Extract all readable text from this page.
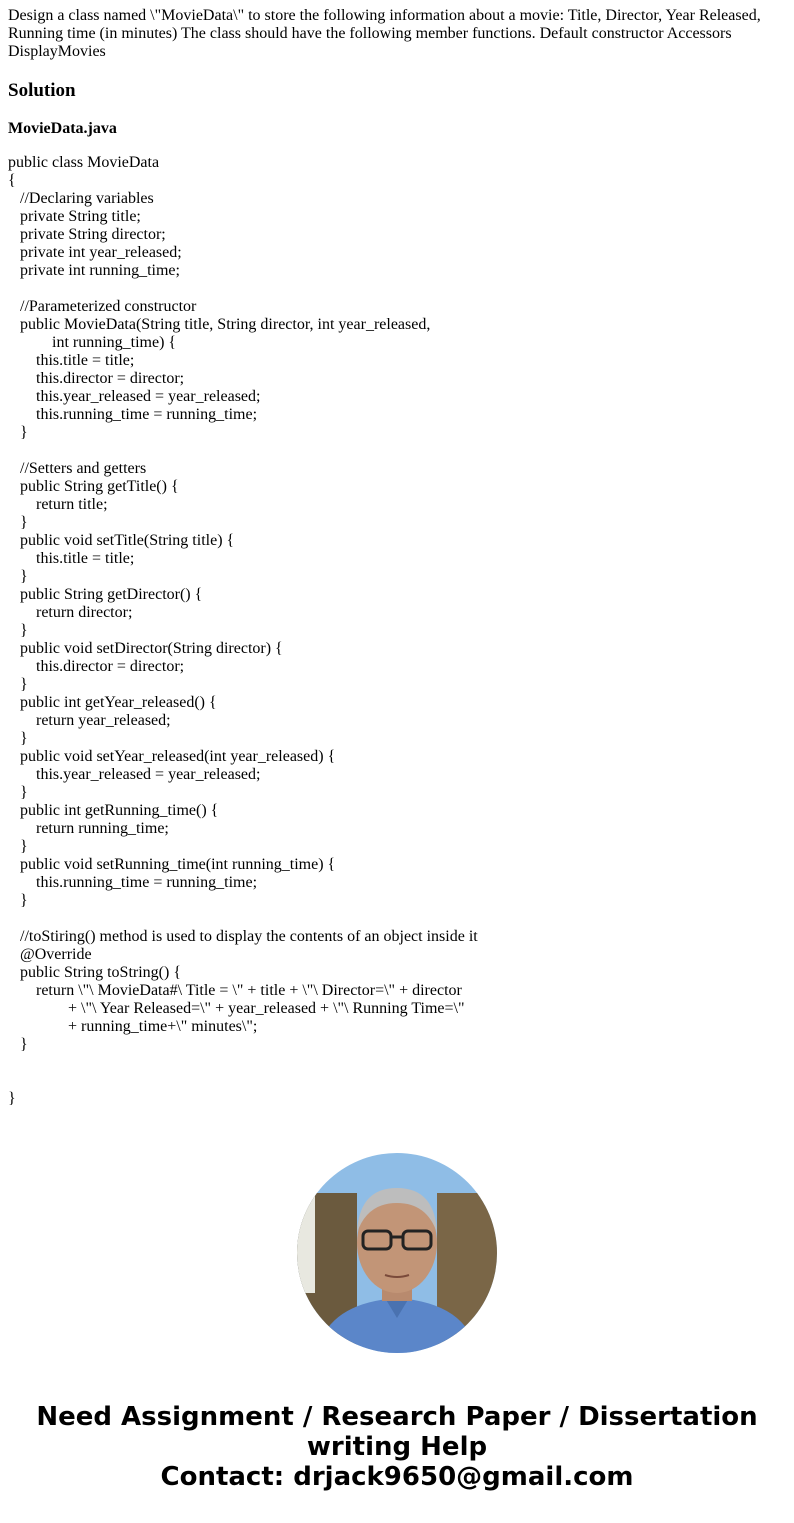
Design a class named \"MovieData\" to store the following information about a movie: Title, Director, Year Released, Running time (in minutes) The class should have the following member functions. Default constructor Accessors DisplayMovies
Solution
MovieData.java
public class MovieData
{
//Declaring variables
private String title;
private String director;
private int year_released;
private int running_time;

//Parameterized constructor
public MovieData(String title, String director, int year_released,
int running_time) {
this.title = title;
this.director = director;
this.year_released = year_released;
this.running_time = running_time;
}

//Setters and getters
public String getTitle() {
return title;
}
public void setTitle(String title) {
this.title = title;
}
public String getDirector() {
return director;
}
public void setDirector(String director) {
this.director = director;
}
public int getYear_released() {
return year_released;
}
public void setYear_released(int year_released) {
this.year_released = year_released;
}
public int getRunning_time() {
return running_time;
}
public void setRunning_time(int running_time) {
this.running_time = running_time;
}

//toStiring() method is used to display the contents of an object inside it
@Override
public String toString() {
return \"\ MovieData#\ Title = \" + title + \"\ Director=\" + director
+ \"\ Year Released=\" + year_released + \"\ Running Time=\"
+ running_time+\" minutes\";
}

}
Need Assignment / Research Paper / Dissertation
writing Help
Contact: drjack9650@gmail.com
